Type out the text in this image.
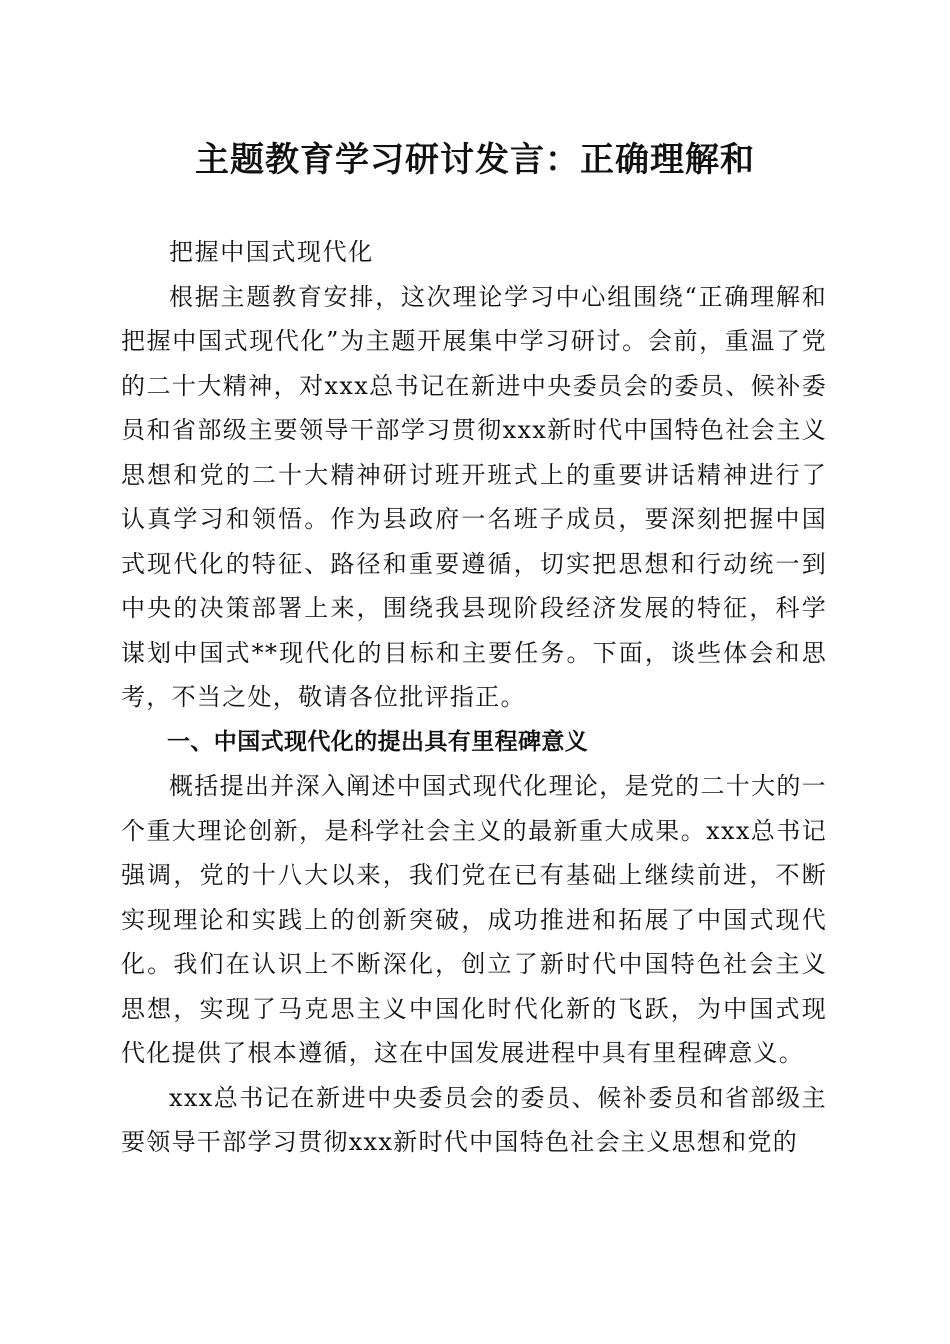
主题教育学习研讨发言：正确理解和

把握中国式现代化

根据主题教育安排，这次理论学习中心组围绕“正确理解和把握中国式现代化”为主题开展集中学习研讨。会前，重温了党的二十大精神，对xxx总书记在新进中央委员会的委员、候补委员和省部级主要领导干部学习贯彻xxx新时代中国特色社会主义思想和党的二十大精神研讨班开班式上的重要讲话精神进行了认真学习和领悟。作为县政府一名班子成员，要深刻把握中国式现代化的特征、路径和重要遵循，切实把思想和行动统一到中央的决策部署上来，围绕我县现阶段经济发展的特征，科学谋划中国式**现代化的目标和主要任务。下面，谈些体会和思考，不当之处，敬请各位批评指正。

一、中国式现代化的提出具有里程碑意义

概括提出并深入阐述中国式现代化理论，是党的二十大的一个重大理论创新，是科学社会主义的最新重大成果。xxx总书记强调，党的十八大以来，我们党在已有基础上继续前进，不断实现理论和实践上的创新突破，成功推进和拓展了中国式现代化。我们在认识上不断深化，创立了新时代中国特色社会主义思想，实现了马克思主义中国化时代化新的飞跃，为中国式现代化提供了根本遵循，这在中国发展进程中具有里程碑意义。

xxx总书记在新进中央委员会的委员、候补委员和省部级主要领导干部学习贯彻xxx新时代中国特色社会主义思想和党的
